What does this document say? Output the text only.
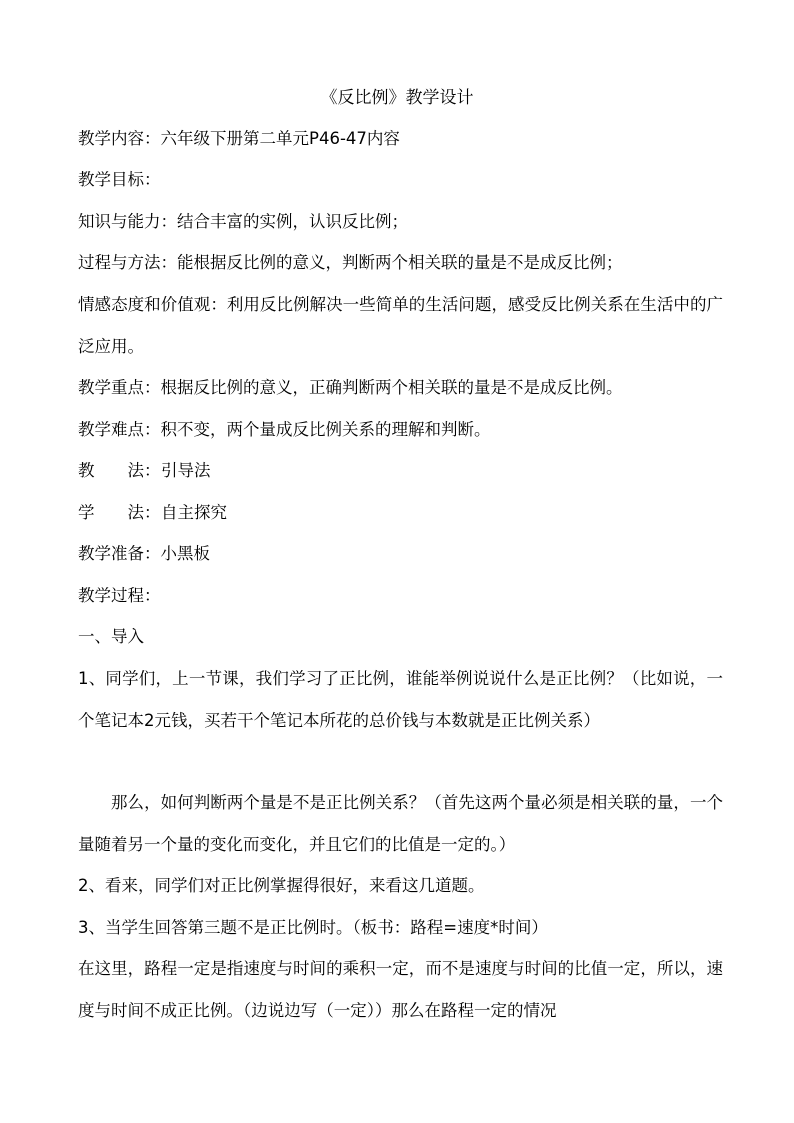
《反比例》教学设计

教学内容：六年级下册第二单元P46-47内容

教学目标：

知识与能力：结合丰富的实例，认识反比例；

过程与方法：能根据反比例的意义，判断两个相关联的量是不是成反比例；

情感态度和价值观：利用反比例解决一些简单的生活问题，感受反比例关系在生活中的广泛应用。

教学重点：根据反比例的意义，正确判断两个相关联的量是不是成反比例。

教学难点：积不变，两个量成反比例关系的理解和判断。

教　　法：引导法

学　　法：自主探究

教学准备：小黑板

教学过程：

一、导入

1、同学们，上一节课，我们学习了正比例，谁能举例说说什么是正比例？（比如说，一个笔记本2元钱，买若干个笔记本所花的总价钱与本数就是正比例关系）

那么，如何判断两个量是不是正比例关系？（首先这两个量必须是相关联的量，一个量随着另一个量的变化而变化，并且它们的比值是一定的。）

2、看来，同学们对正比例掌握得很好，来看这几道题。

3、当学生回答第三题不是正比例时。（板书：路程=速度*时间）

在这里，路程一定是指速度与时间的乘积一定，而不是速度与时间的比值一定，所以，速度与时间不成正比例。（边说边写（一定））那么在路程一定的情况
